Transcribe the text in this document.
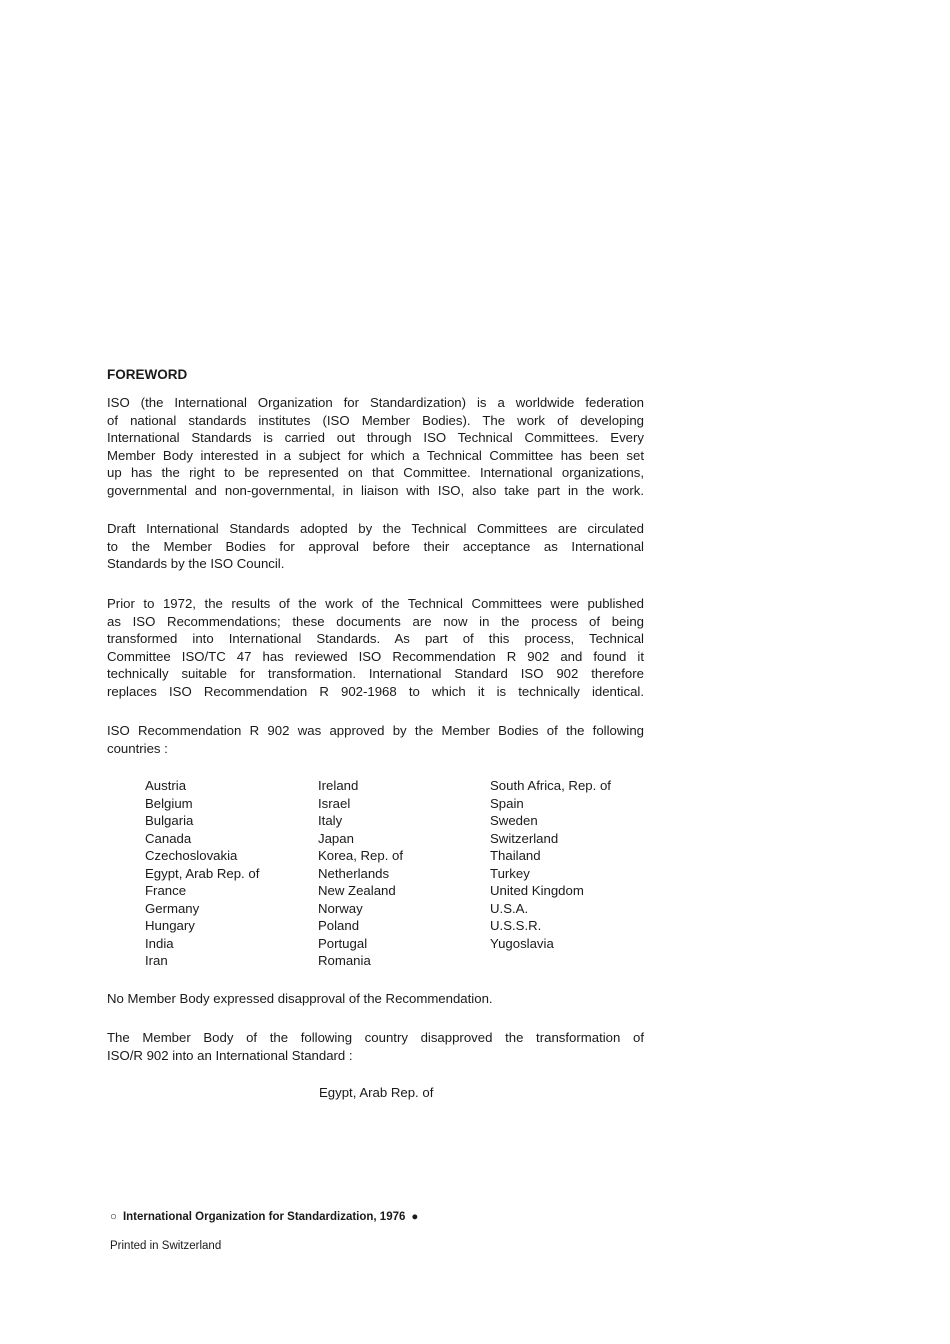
FOREWORD
ISO (the International Organization for Standardization) is a worldwide federation
of national standards institutes (ISO Member Bodies). The work of developing
International Standards is carried out through ISO Technical Committees. Every
Member Body interested in a subject for which a Technical Committee has been set
up has the right to be represented on that Committee. International organizations,
governmental and non-governmental, in liaison with ISO, also take part in the work.
Draft International Standards adopted by the Technical Committees are circulated
to the Member Bodies for approval before their acceptance as International
Standards by the ISO Council.
Prior to 1972, the results of the work of the Technical Committees were published
as ISO Recommendations; these documents are now in the process of being
transformed into International Standards. As part of this process, Technical
Committee ISO/TC 47 has reviewed ISO Recommendation R 902 and found it
technically suitable for transformation. International Standard ISO 902 therefore
replaces ISO Recommendation R 902-1968 to which it is technically identical.
ISO Recommendation R 902 was approved by the Member Bodies of the following
countries :
Austria
Belgium
Bulgaria
Canada
Czechoslovakia
Egypt, Arab Rep. of
France
Germany
Hungary
India
Iran
Ireland
Israel
Italy
Japan
Korea, Rep. of
Netherlands
New Zealand
Norway
Poland
Portugal
Romania
South Africa, Rep. of
Spain
Sweden
Switzerland
Thailand
Turkey
United Kingdom
U.S.A.
U.S.S.R.
Yugoslavia
No Member Body expressed disapproval of the Recommendation.
The Member Body of the following country disapproved the transformation of
ISO/R 902 into an International Standard :
Egypt, Arab Rep. of
○ International Organization for Standardization, 1976 ●
Printed in Switzerland
